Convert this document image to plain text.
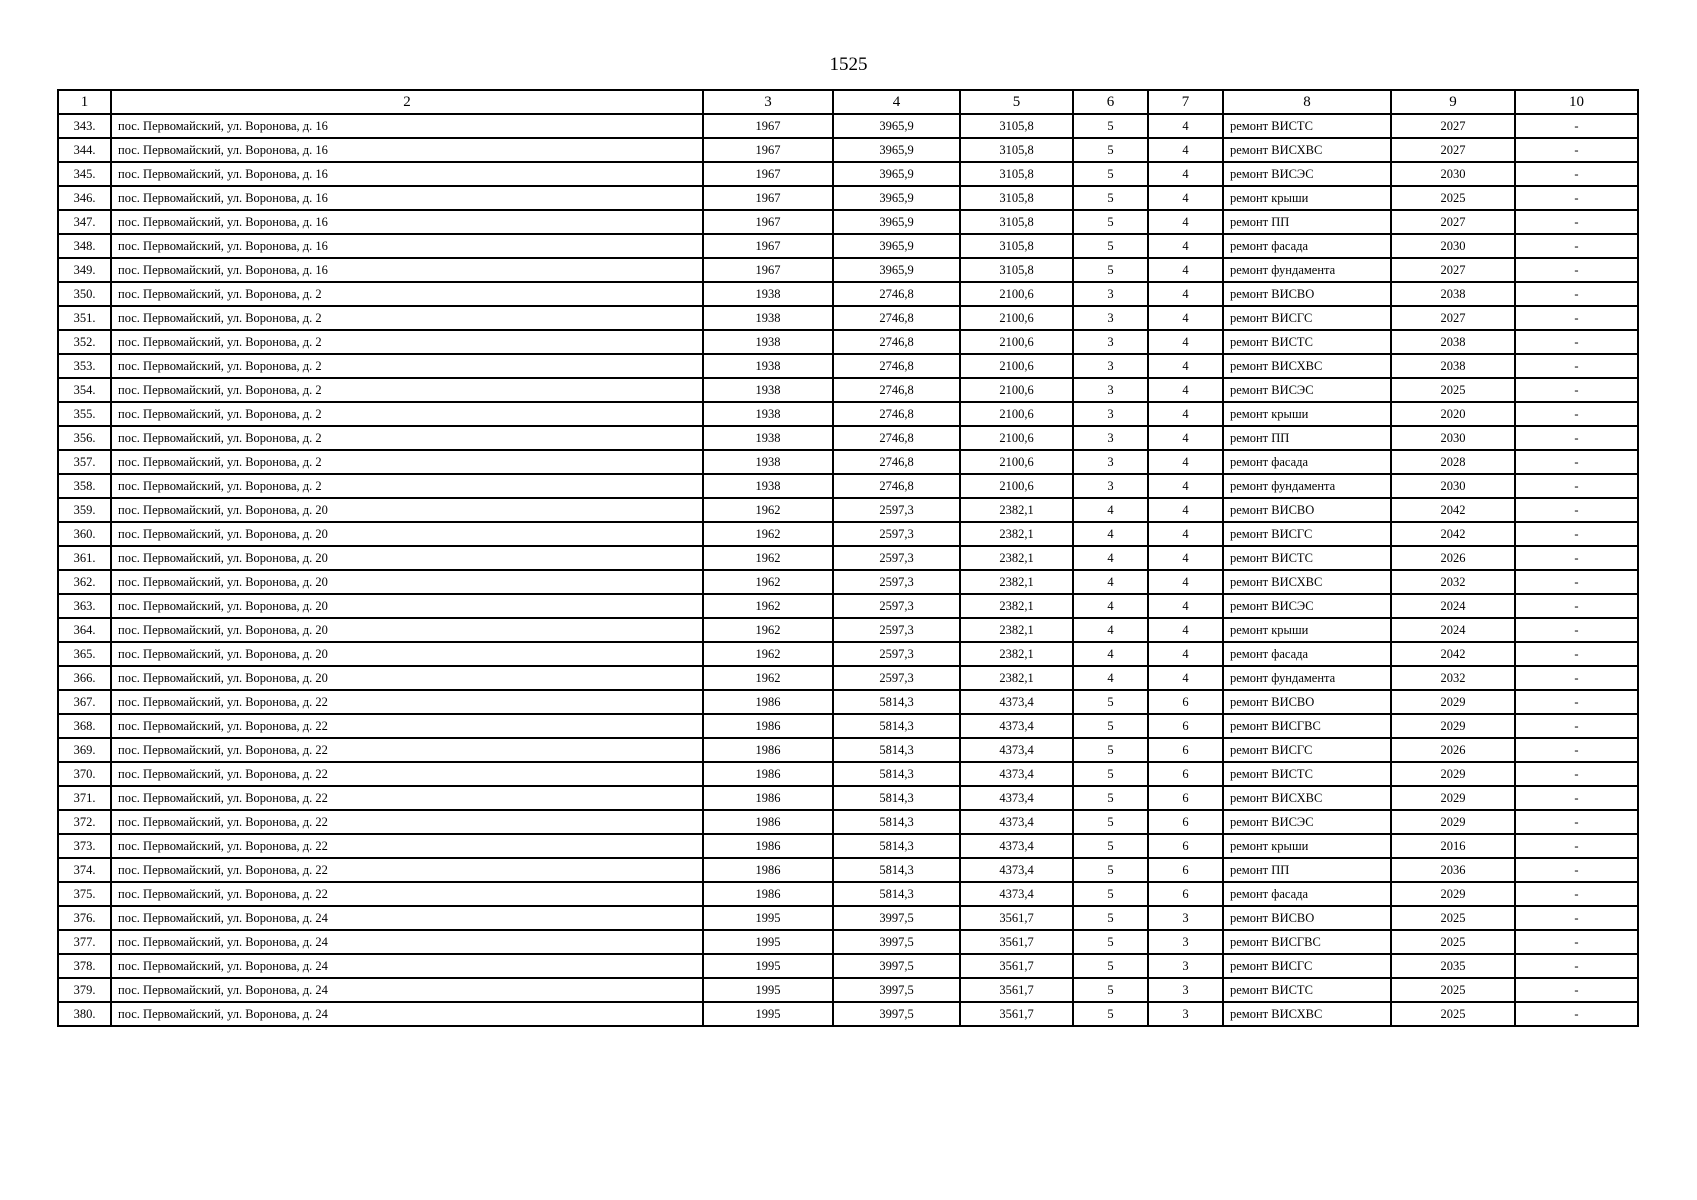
1525
1	2	3	4	5	6	7	8	9	10
343.	пос. Первомайский, ул. Воронова, д. 16	1967	3965,9	3105,8	5	4	ремонт ВИСТС	2027	-
344.	пос. Первомайский, ул. Воронова, д. 16	1967	3965,9	3105,8	5	4	ремонт ВИСХВС	2027	-
345.	пос. Первомайский, ул. Воронова, д. 16	1967	3965,9	3105,8	5	4	ремонт ВИСЭС	2030	-
346.	пос. Первомайский, ул. Воронова, д. 16	1967	3965,9	3105,8	5	4	ремонт крыши	2025	-
347.	пос. Первомайский, ул. Воронова, д. 16	1967	3965,9	3105,8	5	4	ремонт ПП	2027	-
348.	пос. Первомайский, ул. Воронова, д. 16	1967	3965,9	3105,8	5	4	ремонт фасада	2030	-
349.	пос. Первомайский, ул. Воронова, д. 16	1967	3965,9	3105,8	5	4	ремонт фундамента	2027	-
350.	пос. Первомайский, ул. Воронова, д. 2	1938	2746,8	2100,6	3	4	ремонт ВИСВО	2038	-
351.	пос. Первомайский, ул. Воронова, д. 2	1938	2746,8	2100,6	3	4	ремонт ВИСГС	2027	-
352.	пос. Первомайский, ул. Воронова, д. 2	1938	2746,8	2100,6	3	4	ремонт ВИСТС	2038	-
353.	пос. Первомайский, ул. Воронова, д. 2	1938	2746,8	2100,6	3	4	ремонт ВИСХВС	2038	-
354.	пос. Первомайский, ул. Воронова, д. 2	1938	2746,8	2100,6	3	4	ремонт ВИСЭС	2025	-
355.	пос. Первомайский, ул. Воронова, д. 2	1938	2746,8	2100,6	3	4	ремонт крыши	2020	-
356.	пос. Первомайский, ул. Воронова, д. 2	1938	2746,8	2100,6	3	4	ремонт ПП	2030	-
357.	пос. Первомайский, ул. Воронова, д. 2	1938	2746,8	2100,6	3	4	ремонт фасада	2028	-
358.	пос. Первомайский, ул. Воронова, д. 2	1938	2746,8	2100,6	3	4	ремонт фундамента	2030	-
359.	пос. Первомайский, ул. Воронова, д. 20	1962	2597,3	2382,1	4	4	ремонт ВИСВО	2042	-
360.	пос. Первомайский, ул. Воронова, д. 20	1962	2597,3	2382,1	4	4	ремонт ВИСГС	2042	-
361.	пос. Первомайский, ул. Воронова, д. 20	1962	2597,3	2382,1	4	4	ремонт ВИСТС	2026	-
362.	пос. Первомайский, ул. Воронова, д. 20	1962	2597,3	2382,1	4	4	ремонт ВИСХВС	2032	-
363.	пос. Первомайский, ул. Воронова, д. 20	1962	2597,3	2382,1	4	4	ремонт ВИСЭС	2024	-
364.	пос. Первомайский, ул. Воронова, д. 20	1962	2597,3	2382,1	4	4	ремонт крыши	2024	-
365.	пос. Первомайский, ул. Воронова, д. 20	1962	2597,3	2382,1	4	4	ремонт фасада	2042	-
366.	пос. Первомайский, ул. Воронова, д. 20	1962	2597,3	2382,1	4	4	ремонт фундамента	2032	-
367.	пос. Первомайский, ул. Воронова, д. 22	1986	5814,3	4373,4	5	6	ремонт ВИСВО	2029	-
368.	пос. Первомайский, ул. Воронова, д. 22	1986	5814,3	4373,4	5	6	ремонт ВИСГВС	2029	-
369.	пос. Первомайский, ул. Воронова, д. 22	1986	5814,3	4373,4	5	6	ремонт ВИСГС	2026	-
370.	пос. Первомайский, ул. Воронова, д. 22	1986	5814,3	4373,4	5	6	ремонт ВИСТС	2029	-
371.	пос. Первомайский, ул. Воронова, д. 22	1986	5814,3	4373,4	5	6	ремонт ВИСХВС	2029	-
372.	пос. Первомайский, ул. Воронова, д. 22	1986	5814,3	4373,4	5	6	ремонт ВИСЭС	2029	-
373.	пос. Первомайский, ул. Воронова, д. 22	1986	5814,3	4373,4	5	6	ремонт крыши	2016	-
374.	пос. Первомайский, ул. Воронова, д. 22	1986	5814,3	4373,4	5	6	ремонт ПП	2036	-
375.	пос. Первомайский, ул. Воронова, д. 22	1986	5814,3	4373,4	5	6	ремонт фасада	2029	-
376.	пос. Первомайский, ул. Воронова, д. 24	1995	3997,5	3561,7	5	3	ремонт ВИСВО	2025	-
377.	пос. Первомайский, ул. Воронова, д. 24	1995	3997,5	3561,7	5	3	ремонт ВИСГВС	2025	-
378.	пос. Первомайский, ул. Воронова, д. 24	1995	3997,5	3561,7	5	3	ремонт ВИСГС	2035	-
379.	пос. Первомайский, ул. Воронова, д. 24	1995	3997,5	3561,7	5	3	ремонт ВИСТС	2025	-
380.	пос. Первомайский, ул. Воронова, д. 24	1995	3997,5	3561,7	5	3	ремонт ВИСХВС	2025	-
